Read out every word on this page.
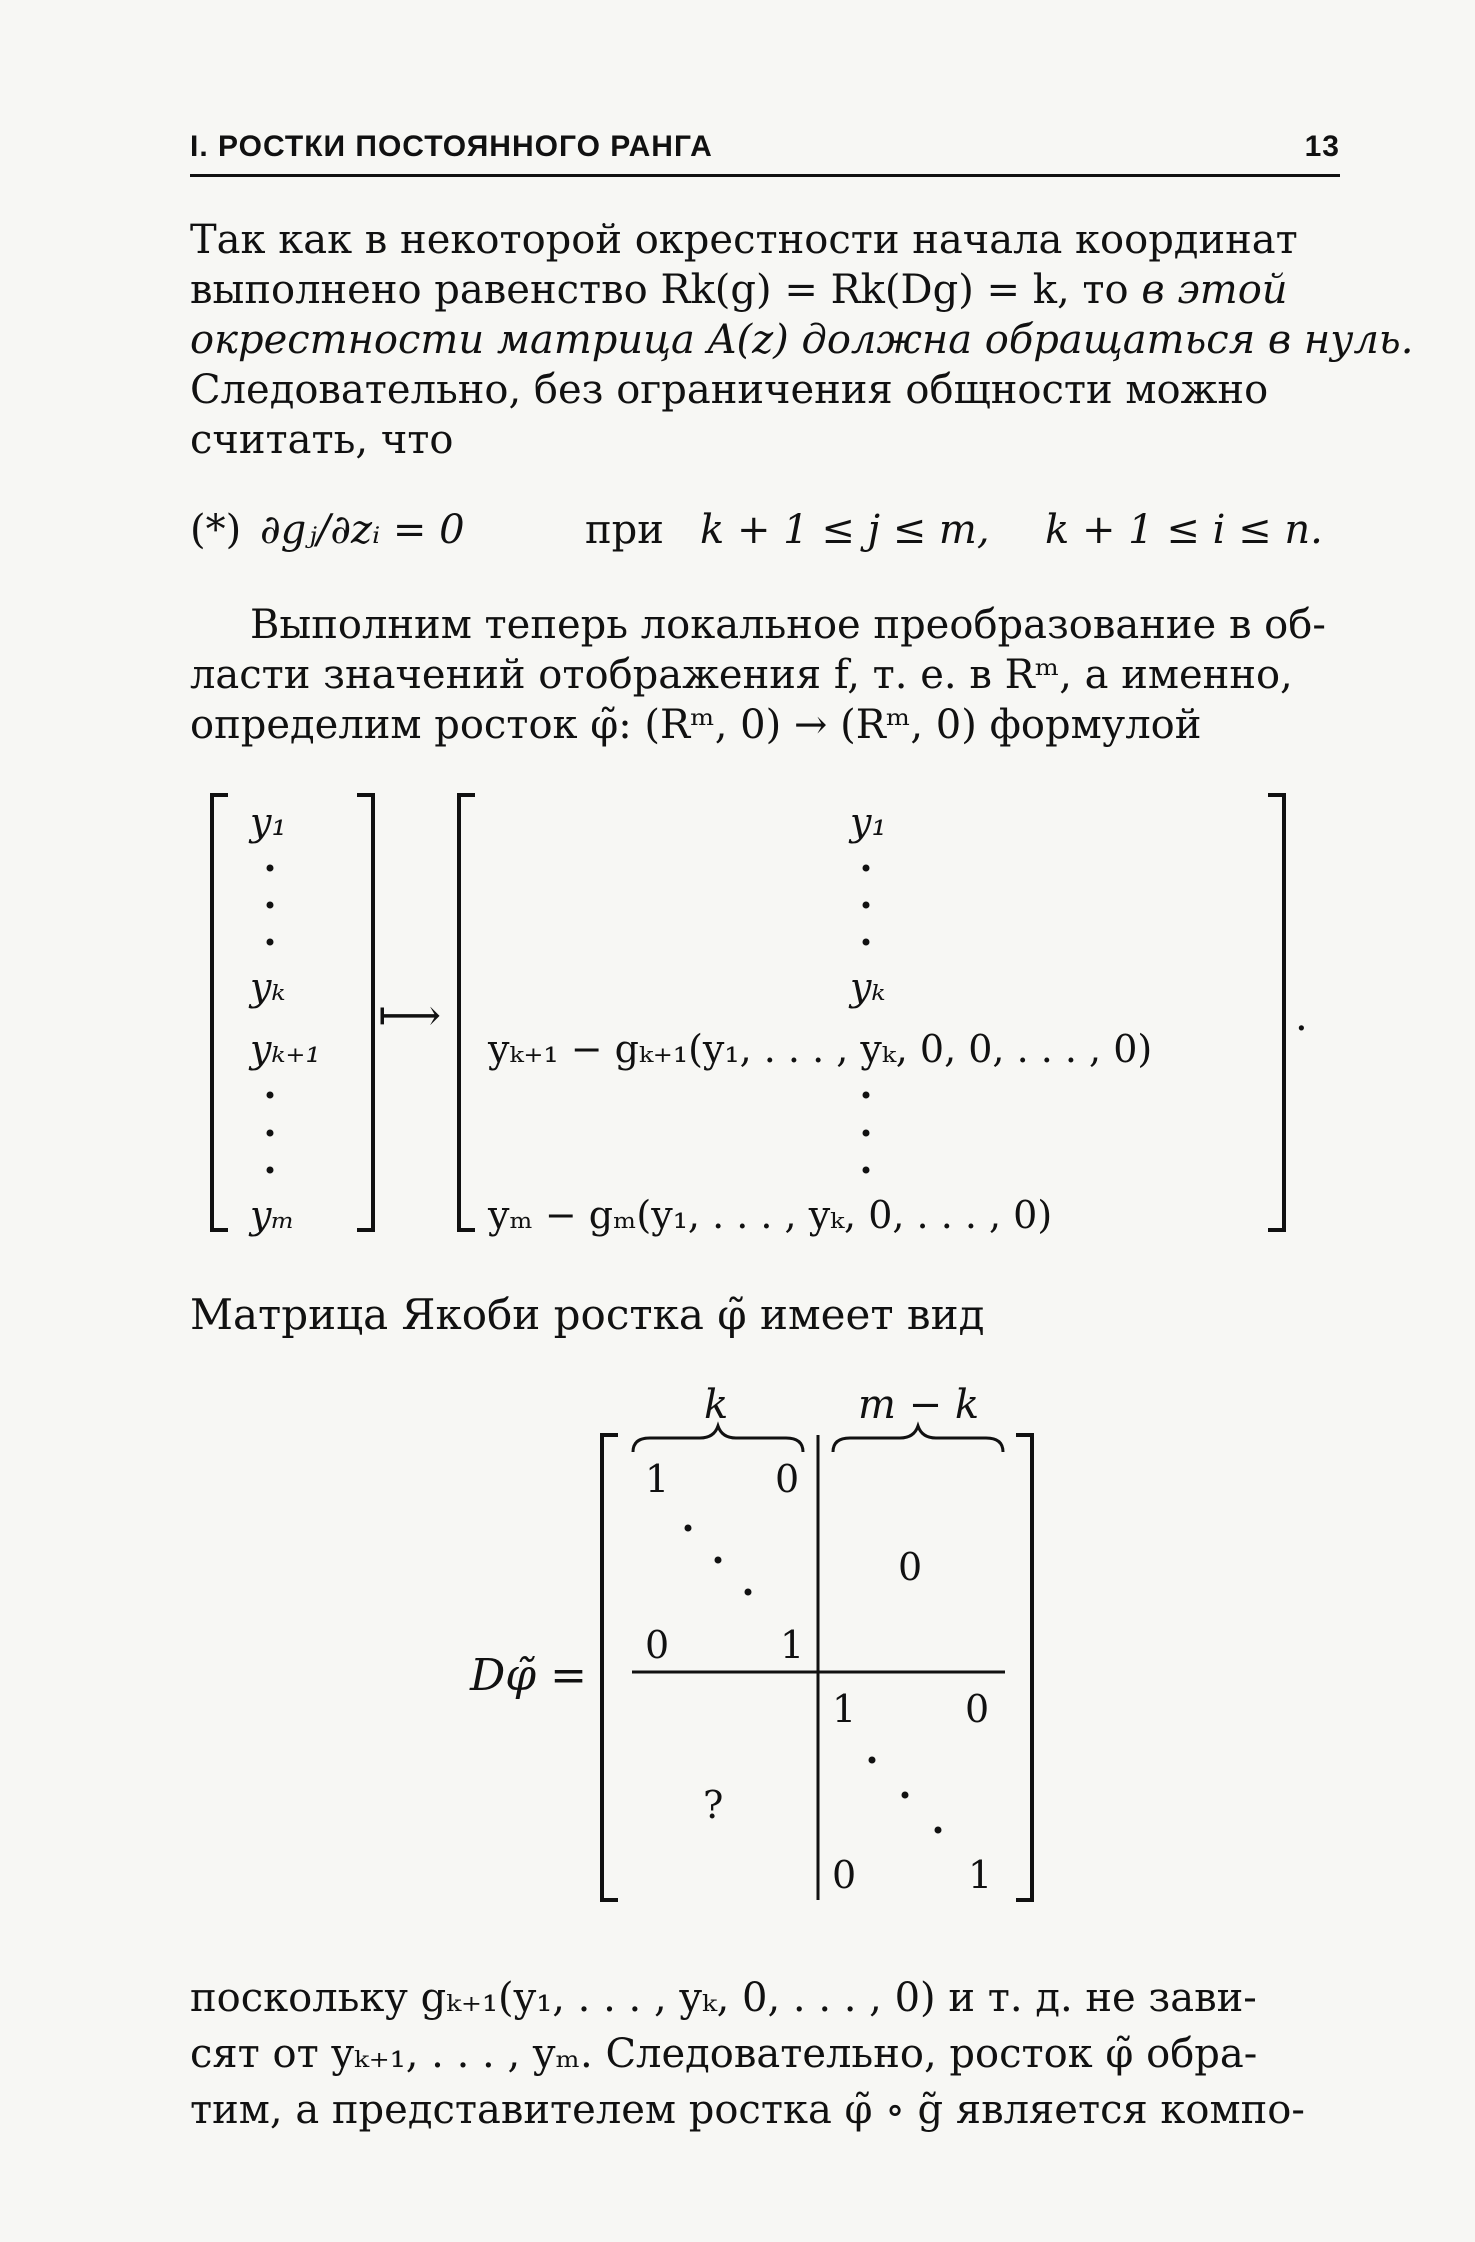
I. РОСТКИ ПОСТОЯННОГО РАНГА	13
Так как в некоторой окрестности начала координат
выполнено равенство Rk(g) = Rk(Dg) = k, то в этой
окрестности матрица A(z) должна обращаться в нуль.
Следовательно, без ограничения общности можно
считать, что
(*) ∂gⱼ/∂zᵢ = 0	при k + 1 ≤ j ≤ m, k + 1 ≤ i ≤ n.
Выполним теперь локальное преобразование в об-
ласти значений отображения f, т. е. в Rᵐ, а именно,
определим росток φ̃: (Rᵐ, 0) → (Rᵐ, 0) формулой
y₁
yₖ
yₖ₊₁
yₘ
⟼
y₁
yₖ
yₖ₊₁ − gₖ₊₁(y₁, . . . , yₖ, 0, 0, . . . , 0)
yₘ − gₘ(y₁, . . . , yₖ, 0, . . . , 0)
.
Матрица Якоби ростка φ̃ имеет вид
k	m − k
Dφ̃ =
1	0
0	1
0
?
1	0
0	1
поскольку gₖ₊₁(y₁, . . . , yₖ, 0, . . . , 0) и т. д. не зави-
сят от yₖ₊₁, . . . , yₘ. Следовательно, росток φ̃ обра-
тим, а представителем ростка φ̃ ∘ g̃ является компо-
